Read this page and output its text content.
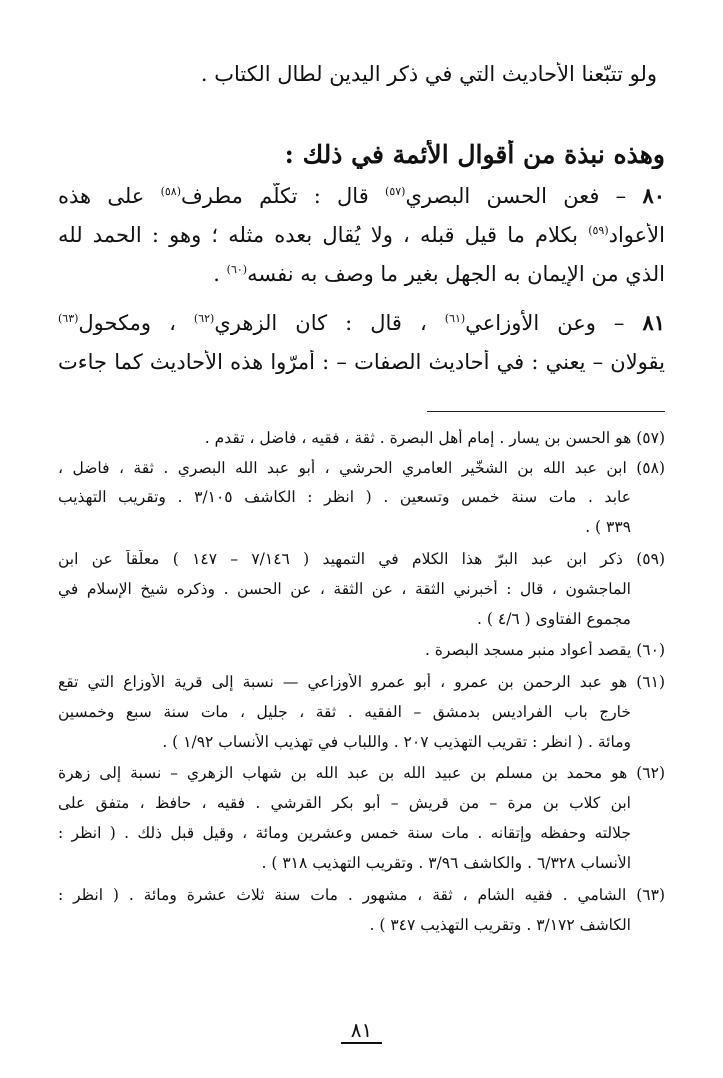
ولو تتبّعنا الأحاديث التي في ذكر اليدين لطال الكتاب .
وهذه نبذة من أقوال الأئمة في ذلك :
٨٠ – فعن الحسن البصري$^{(٥٧)}$ قال : تكلّم مطرف$^{(٥٨)}$ على هذه
الأعواد$^{(٥٩)}$ بكلام ما قيل قبله ، ولا يُقال بعده مثله ؛ وهو : الحمد لله
الذي من الإيمان به الجهل بغير ما وصف به نفسه$^{(٦٠)}$ .
٨١ – وعن الأوزاعي$^{(٦١)}$ ، قال : كان الزهري$^{(٦٢)}$ ، ومكحول$^{(٦٣)}$
يقولان – يعني : في أحاديث الصفات – : أمرّوا هذه الأحاديث كما جاءت
(٥٧) هو الحسن بن يسار . إمام أهل البصرة . ثقة ، فقيه ، فاضل ، تقدم .
(٥٨) ابن عبد الله بن الشخّير العامري الحرشي ، أبو عبد الله البصري . ثقة ، فاضل ،
عابد . مات سنة خمس وتسعين . ( انظر : الكاشف ٣/١٠٥ . وتقريب التهذيب
٣٣٩ ) .
(٥٩) ذكر ابن عبد البرّ هذا الكلام في التمهيد ( ٧/١٤٦ – ١٤٧ ) معلّقاً عن ابن
الماجشون ، قال : أخبرني الثقة ، عن الثقة ، عن الحسن . وذكره شيخ الإسلام في
مجموع الفتاوى ( ٤/٦ ) .
(٦٠) يقصد أعواد منبر مسجد البصرة .
(٦١) هو عبد الرحمن بن عمرو ، أبو عمرو الأوزاعي — نسبة إلى قرية الأوزاع التي تقع
خارج باب الفراديس بدمشق – الفقيه . ثقة ، جليل ، مات سنة سبع وخمسين
ومائة . ( انظر : تقريب التهذيب ٢٠٧ . واللباب في تهذيب الأنساب ١/٩٢ ) .
(٦٢) هو محمد بن مسلم بن عبيد الله بن عبد الله بن شهاب الزهري – نسبة إلى زهرة
ابن كلاب بن مرة – من قريش – أبو بكر القرشي . فقيه ، حافظ ، متفق على
جلالته وحفظه وإتقانه . مات سنة خمس وعشرين ومائة ، وقيل قبل ذلك . ( انظر :
الأنساب ٦/٣٢٨ . والكاشف ٣/٩٦ . وتقريب التهذيب ٣١٨ ) .
(٦٣) الشامي . فقيه الشام ، ثقة ، مشهور . مات سنة ثلاث عشرة ومائة . ( انظر :
الكاشف ٣/١٧٢ . وتقريب التهذيب ٣٤٧ ) .
٨١
